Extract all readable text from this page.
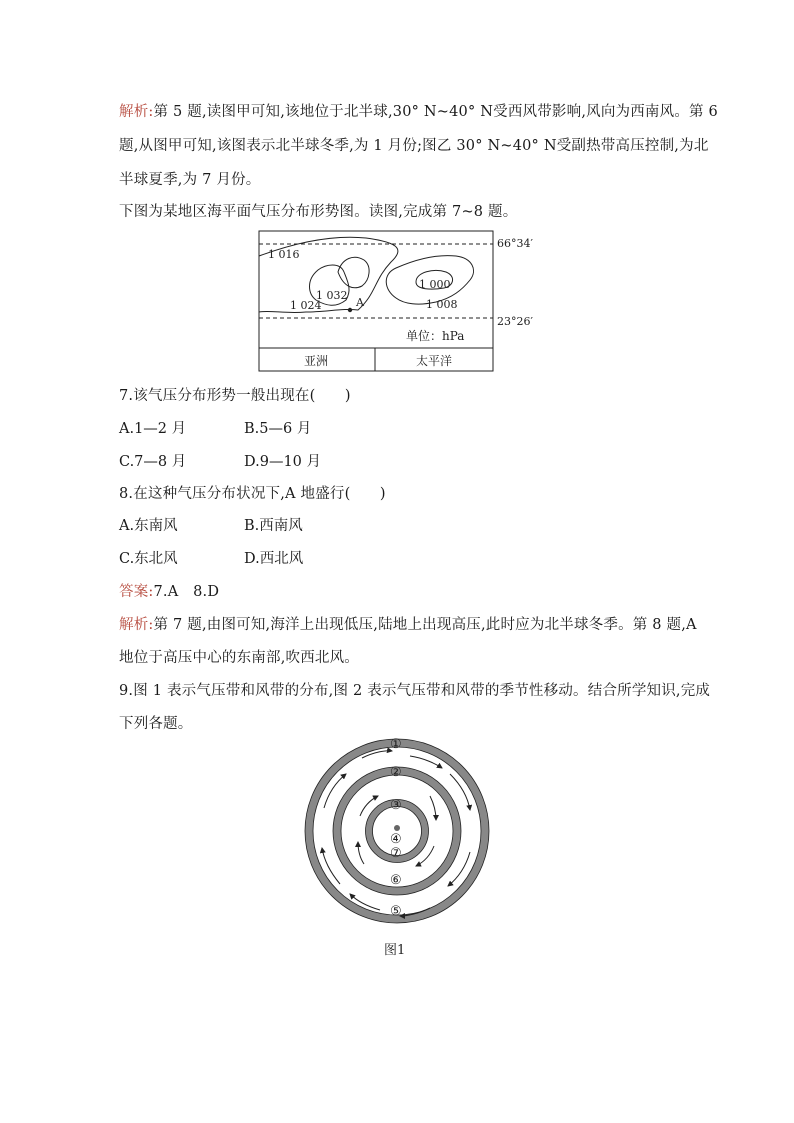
解析:第 5 题,读图甲可知,该地位于北半球,30° N~40° N受西风带影响,风向为西南风。第 6
题,从图甲可知,该图表示北半球冬季,为 1 月份;图乙 30° N~40° N受副热带高压控制,为北
半球夏季,为 7 月份。
下图为某地区海平面气压分布形势图。读图,完成第 7~8 题。
1 016
1 032
1 024
1 000
1 008
A
66°34′
23°26′
单位：hPa
亚洲	太平洋
7.该气压分布形势一般出现在(　　)
A.1—2 月	B.5—6 月
C.7—8 月	D.9—10 月
8.在这种气压分布状况下,A 地盛行(　　)
A.东南风	B.西南风
C.东北风	D.西北风
答案:7.A　8.D
解析:第 7 题,由图可知,海洋上出现低压,陆地上出现高压,此时应为北半球冬季。第 8 题,A
地位于高压中心的东南部,吹西北风。
9.图 1 表示气压带和风带的分布,图 2 表示气压带和风带的季节性移动。结合所学知识,完成
下列各题。
①
②
③
④
⑦
⑥
⑤
图1
